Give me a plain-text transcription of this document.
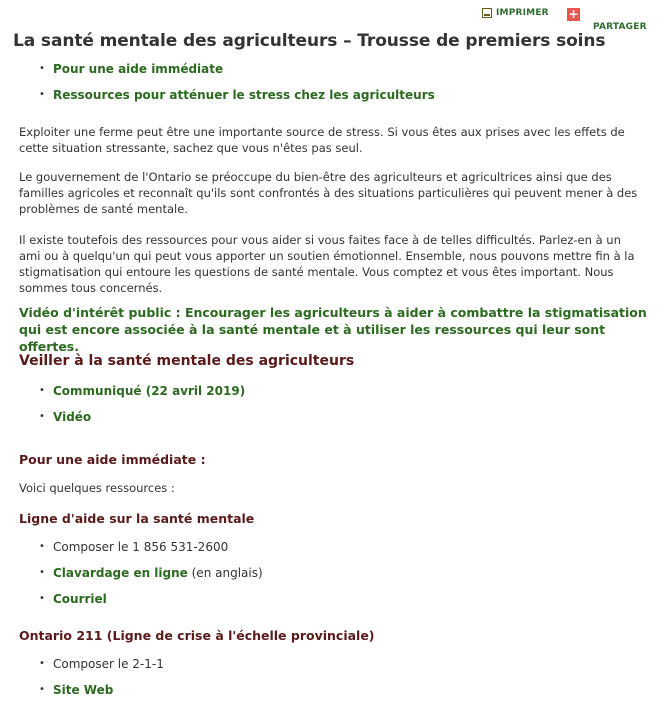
IMPRIMER +
PARTAGER
La santé mentale des agriculteurs – Trousse de premiers soins
• Pour une aide immédiate
• Ressources pour atténuer le stress chez les agriculteurs

Exploiter une ferme peut être une importante source de stress. Si vous êtes aux prises avec les effets de cette situation stressante, sachez que vous n'êtes pas seul.

Le gouvernement de l'Ontario se préoccupe du bien-être des agriculteurs et agricultrices ainsi que des familles agricoles et reconnaît qu'ils sont confrontés à des situations particulières qui peuvent mener à des problèmes de santé mentale.

Il existe toutefois des ressources pour vous aider si vous faites face à de telles difficultés. Parlez-en à un ami ou à quelqu'un qui peut vous apporter un soutien émotionnel. Ensemble, nous pouvons mettre fin à la stigmatisation qui entoure les questions de santé mentale. Vous comptez et vous êtes important. Nous sommes tous concernés.

Vidéo d'intérêt public : Encourager les agriculteurs à aider à combattre la stigmatisation qui est encore associée à la santé mentale et à utiliser les ressources qui leur sont offertes.

Veiller à la santé mentale des agriculteurs
• Communiqué (22 avril 2019)
• Vidéo
Pour une aide immédiate :

Voici quelques ressources :

Ligne d'aide sur la santé mentale
• Composer le 1 856 531-2600
• Clavardage en ligne (en anglais)
• Courriel
Ontario 211 (Ligne de crise à l'échelle provinciale)
• Composer le 2-1-1
• Site Web
